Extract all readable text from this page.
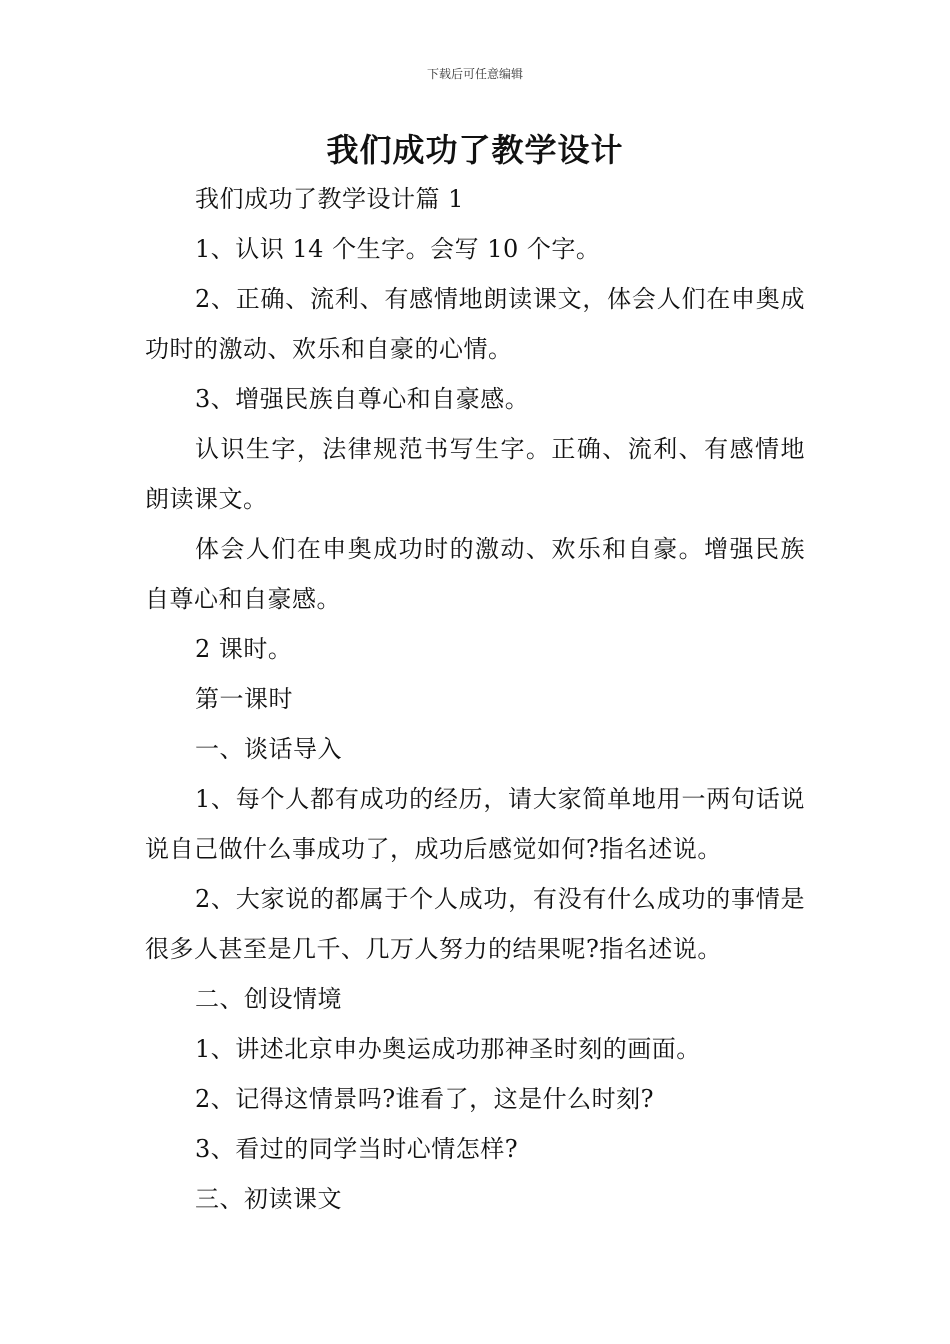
下载后可任意编辑
我们成功了教学设计

我们成功了教学设计篇 1

1、认识 14 个生字。会写 10 个字。

2、正确、流利、有感情地朗读课文，体会人们在申奥成功时的激动、欢乐和自豪的心情。

3、增强民族自尊心和自豪感。

认识生字，法律规范书写生字。正确、流利、有感情地朗读课文。

体会人们在申奥成功时的激动、欢乐和自豪。增强民族自尊心和自豪感。

2 课时。

第一课时

一、谈话导入

1、每个人都有成功的经历，请大家简单地用一两句话说说自己做什么事成功了，成功后感觉如何?指名述说。

2、大家说的都属于个人成功，有没有什么成功的事情是很多人甚至是几千、几万人努力的结果呢?指名述说。

二、创设情境

1、讲述北京申办奥运成功那神圣时刻的画面。

2、记得这情景吗?谁看了，这是什么时刻?

3、看过的同学当时心情怎样?

三、初读课文
